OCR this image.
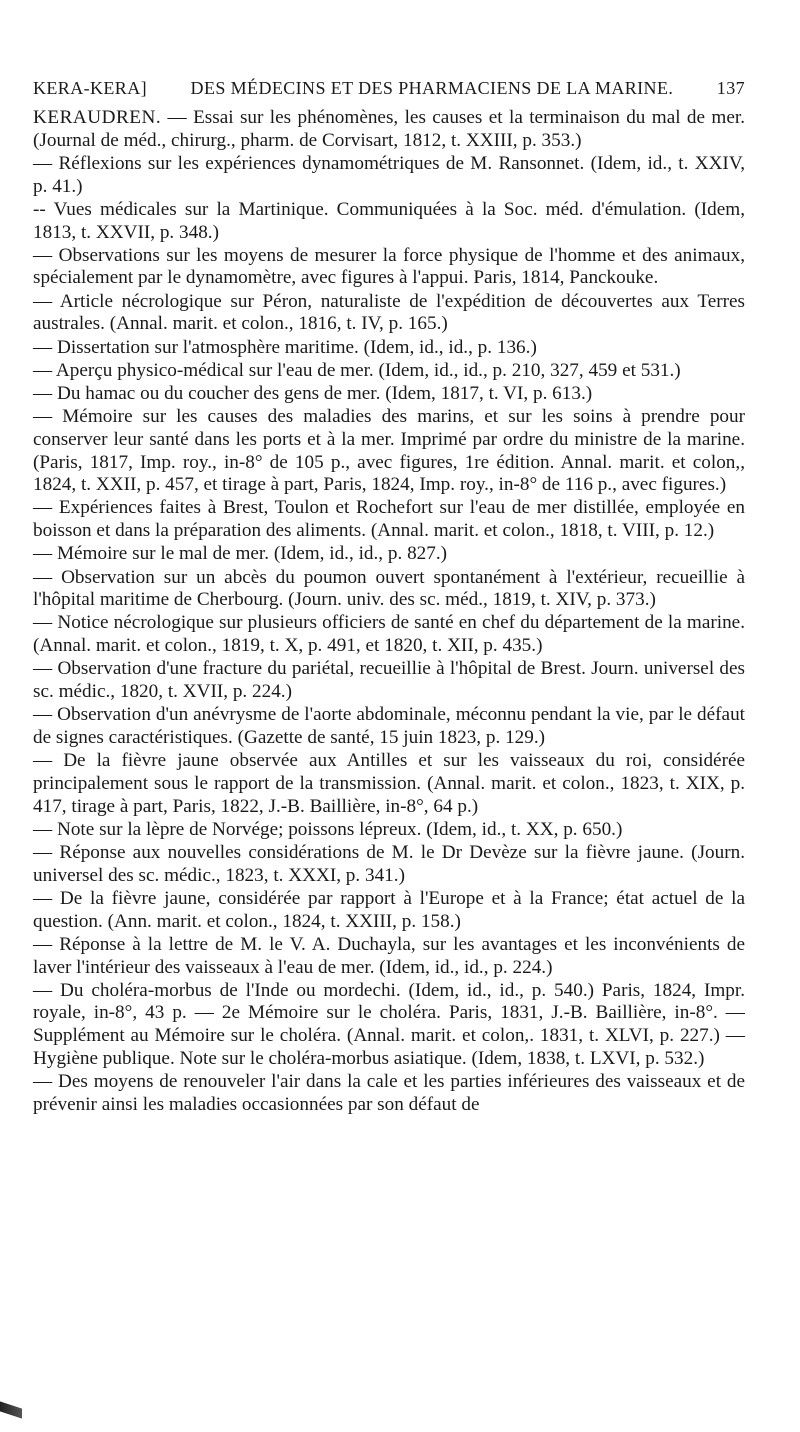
KERA-KERA]	DES MÉDECINS ET DES PHARMACIENS DE LA MARINE.	137

KERAUDREN. — Essai sur les phénomènes, les causes et la terminaison du mal de mer. (Journal de méd., chirurg., pharm. de Corvisart, 1812, t. XXIII, p. 353.)

— Réflexions sur les expériences dynamométriques de M. Ransonnet. (Idem, id., t. XXIV, p. 41.)

-- Vues médicales sur la Martinique. Communiquées à la Soc. méd. d'émulation. (Idem, 1813, t. XXVII, p. 348.)

— Observations sur les moyens de mesurer la force physique de l'homme et des animaux, spécialement par le dynamomètre, avec figures à l'appui. Paris, 1814, Panckouke.

— Article nécrologique sur Péron, naturaliste de l'expédition de découvertes aux Terres australes. (Annal. marit. et colon., 1816, t. IV, p. 165.)

— Dissertation sur l'atmosphère maritime. (Idem, id., id., p. 136.)

— Aperçu physico-médical sur l'eau de mer. (Idem, id., id., p. 210, 327, 459 et 531.)

— Du hamac ou du coucher des gens de mer. (Idem, 1817, t. VI, p. 613.)

— Mémoire sur les causes des maladies des marins, et sur les soins à prendre pour conserver leur santé dans les ports et à la mer. Imprimé par ordre du ministre de la marine. (Paris, 1817, Imp. roy., in-8° de 105 p., avec figures, 1re édition. Annal. marit. et colon,, 1824, t. XXII, p. 457, et tirage à part, Paris, 1824, Imp. roy., in-8° de 116 p., avec figures.)

— Expériences faites à Brest, Toulon et Rochefort sur l'eau de mer distillée, employée en boisson et dans la préparation des aliments. (Annal. marit. et colon., 1818, t. VIII, p. 12.)

— Mémoire sur le mal de mer. (Idem, id., id., p. 827.)

— Observation sur un abcès du poumon ouvert spontanément à l'extérieur, recueillie à l'hôpital maritime de Cherbourg. (Journ. univ. des sc. méd., 1819, t. XIV, p. 373.)

— Notice nécrologique sur plusieurs officiers de santé en chef du département de la marine. (Annal. marit. et colon., 1819, t. X, p. 491, et 1820, t. XII, p. 435.)

— Observation d'une fracture du pariétal, recueillie à l'hôpital de Brest. Journ. universel des sc. médic., 1820, t. XVII, p. 224.)

— Observation d'un anévrysme de l'aorte abdominale, méconnu pendant la vie, par le défaut de signes caractéristiques. (Gazette de santé, 15 juin 1823, p. 129.)

— De la fièvre jaune observée aux Antilles et sur les vaisseaux du roi, considérée principalement sous le rapport de la transmission. (Annal. marit. et colon., 1823, t. XIX, p. 417, tirage à part, Paris, 1822, J.-B. Baillière, in-8°, 64 p.)

— Note sur la lèpre de Norvége; poissons lépreux. (Idem, id., t. XX, p. 650.)

— Réponse aux nouvelles considérations de M. le Dr Devèze sur la fièvre jaune. (Journ. universel des sc. médic., 1823, t. XXXI, p. 341.)

— De la fièvre jaune, considérée par rapport à l'Europe et à la France; état actuel de la question. (Ann. marit. et colon., 1824, t. XXIII, p. 158.)

— Réponse à la lettre de M. le V. A. Duchayla, sur les avantages et les inconvénients de laver l'intérieur des vaisseaux à l'eau de mer. (Idem, id., id., p. 224.)

— Du choléra-morbus de l'Inde ou mordechi. (Idem, id., id., p. 540.) Paris, 1824, Impr. royale, in-8°, 43 p. — 2e Mémoire sur le choléra. Paris, 1831, J.-B. Baillière, in-8°. — Supplément au Mémoire sur le choléra. (Annal. marit. et colon,. 1831, t. XLVI, p. 227.) — Hygiène publique. Note sur le choléra-morbus asiatique. (Idem, 1838, t. LXVI, p. 532.)

— Des moyens de renouveler l'air dans la cale et les parties inférieures des vaisseaux et de prévenir ainsi les maladies occasionnées par son défaut de
